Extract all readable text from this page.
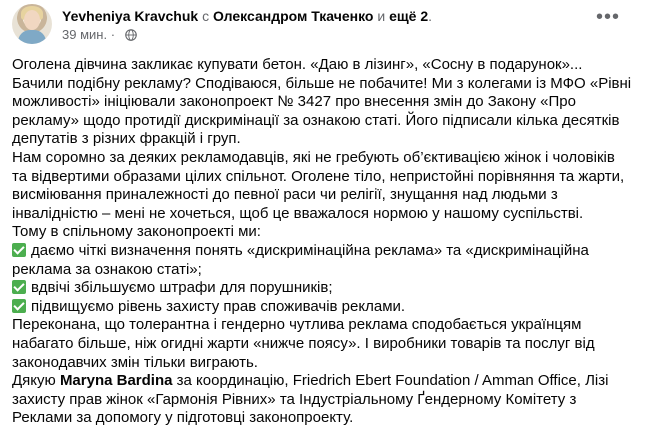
Yevheniya Kravchuk с Олександром Ткаченко и ещё 2.
39 мин. ·
•••

Оголена дівчина закликає купувати бетон. «Даю в лізинг», «Сосну в подарунок»... Бачили подібну рекламу? Сподіваюся, більше не побачите! Ми з колегами із МФО «Рівні можливості» ініціювали законопроект № 3427 про внесення змін до Закону «Про рекламу» щодо протидії дискримінації за ознакою статі. Його підписали кілька десятків депутатів з різних фракцій і груп.

Нам соромно за деяких рекламодавців, які не гребують об’єктивацією жінок і чоловіків та відвертими образами цілих спільнот. Оголене тіло, непристойні порівняння та жарти, висміювання приналежності до певної раси чи релігії, знущання над людьми з інвалідністю – мені не хочеться, щоб це вважалося нормою у нашому суспільстві.

Тому в спільному законопроекті ми:

даємо чіткі визначення понять «дискримінаційна реклама» та «дискримінаційна реклама за ознакою статі»;

вдвічі збільшуємо штрафи для порушників;

підвищуємо рівень захисту прав споживачів реклами.

Переконана, що толерантна і гендерно чутлива реклама сподобається українцям набагато більше, ніж огидні жарти «нижче поясу». І виробники товарів та послуг від законодавчих змін тільки виграють.

Дякую Maryna Bardina за координацію, Friedrich Ebert Foundation / Amman Office, Лізі захисту прав жінок «Гармонія Рівних» та Індустріальному Ґендерному Комітету з Реклами за допомогу у підготовці законопроекту.
